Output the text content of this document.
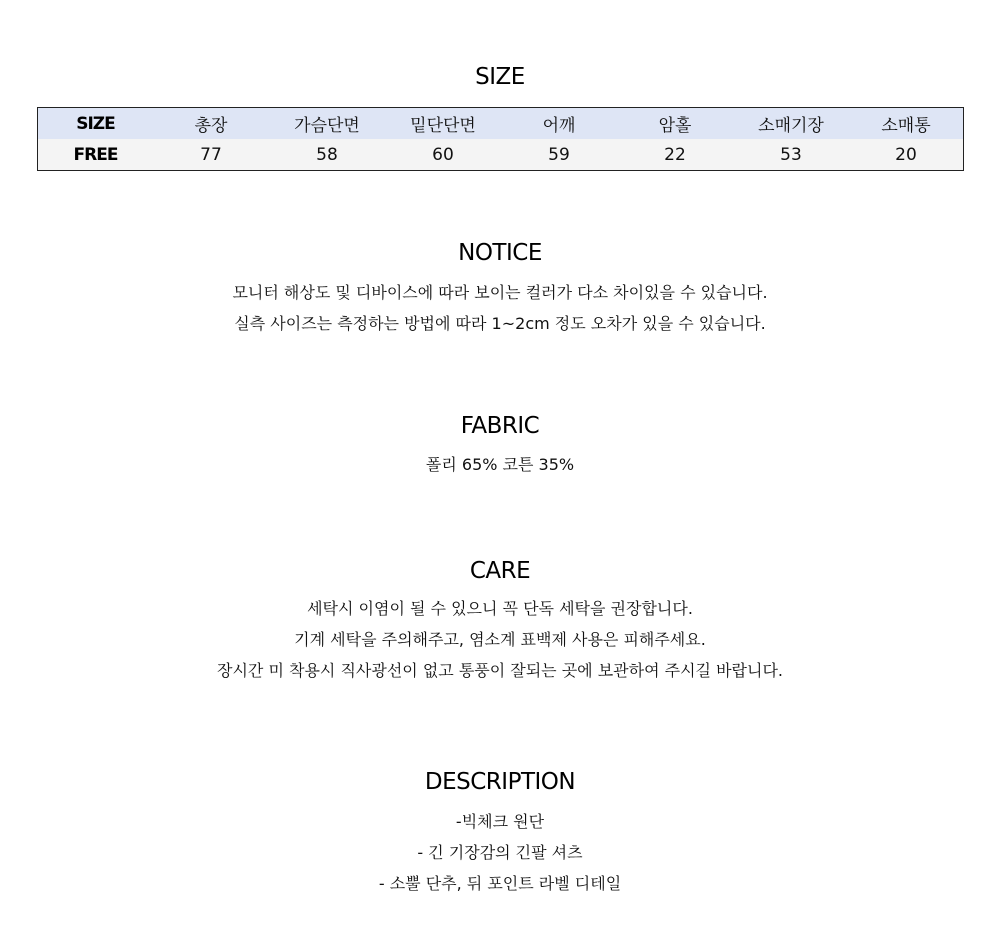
SIZE
SIZE	총장	가슴단면	밑단단면	어깨	암홀	소매기장	소매통
FREE	77	58	60	59	22	53	20
NOTICE
모니터 해상도 및 디바이스에 따라 보이는 컬러가 다소 차이있을 수 있습니다.
실측 사이즈는 측정하는 방법에 따라 1~2cm 정도 오차가 있을 수 있습니다.
FABRIC
폴리 65% 코튼 35%
CARE
세탁시 이염이 될 수 있으니 꼭 단독 세탁을 권장합니다.
기계 세탁을 주의해주고, 염소계 표백제 사용은 피해주세요.
장시간 미 착용시 직사광선이 없고 통풍이 잘되는 곳에 보관하여 주시길 바랍니다.
DESCRIPTION
-빅체크 원단
- 긴 기장감의 긴팔 셔츠
- 소뿔 단추, 뒤 포인트 라벨 디테일
